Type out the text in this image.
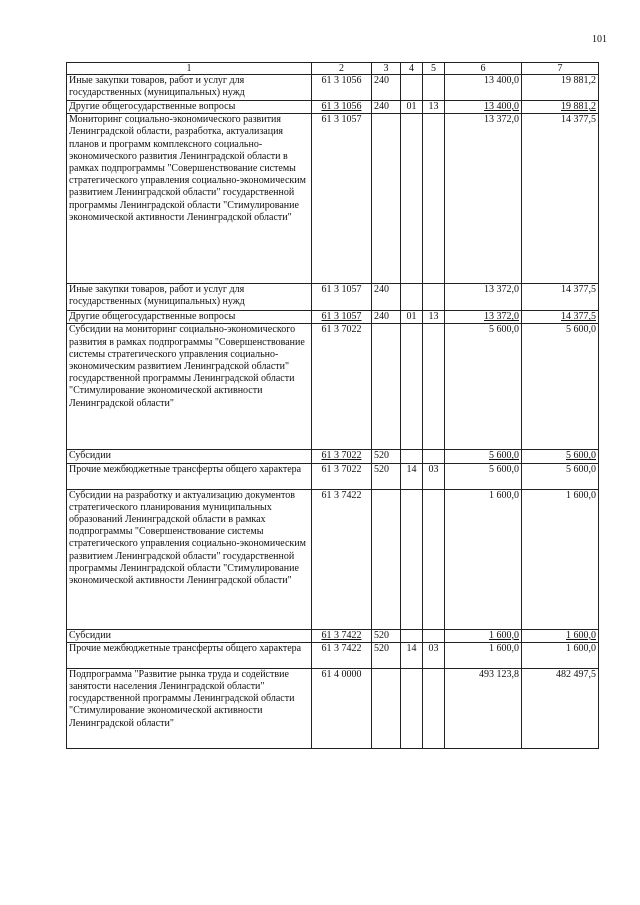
101
1	2	3	4	5	6	7
Иные закупки товаров, работ и услуг для государственных (муниципальных) нужд	61 3 1056	240			13 400,0	19 881,2
Другие общегосударственные вопросы	61 3 1056	240	01	13	13 400,0	19 881,2
Мониторинг социально-экономического развития Ленинградской области, разработка, актуализация планов и программ комплексного социально-экономического развития Ленинградской области в рамках подпрограммы "Совершенствование системы стратегического управления социально-экономическим развитием Ленинградской области" государственной программы Ленинградской области "Стимулирование экономической активности Ленинградской области"	61 3 1057				13 372,0	14 377,5
Иные закупки товаров, работ и услуг для государственных (муниципальных) нужд	61 3 1057	240			13 372,0	14 377,5
Другие общегосударственные вопросы	61 3 1057	240	01	13	13 372,0	14 377,5
Субсидии на мониторинг социально-экономического развития в рамках подпрограммы "Совершенствование системы стратегического управления социально-экономическим развитием Ленинградской области" государственной программы Ленинградской области "Стимулирование экономической активности Ленинградской области"	61 3 7022				5 600,0	5 600,0
Субсидии	61 3 7022	520			5 600,0	5 600,0
Прочие межбюджетные трансферты общего характера	61 3 7022	520	14	03	5 600,0	5 600,0
Субсидии на разработку и актуализацию документов стратегического планирования муниципальных образований Ленинградской области в рамках подпрограммы "Совершенствование системы стратегического управления социально-экономическим развитием Ленинградской области" государственной программы Ленинградской области "Стимулирование экономической активности Ленинградской области"	61 3 7422				1 600,0	1 600,0
Субсидии	61 3 7422	520			1 600,0	1 600,0
Прочие межбюджетные трансферты общего характера	61 3 7422	520	14	03	1 600,0	1 600,0
Подпрограмма "Развитие рынка труда и содействие занятости населения Ленинградской области" государственной программы Ленинградской области "Стимулирование экономической активности Ленинградской области"	61 4 0000				493 123,8	482 497,5
